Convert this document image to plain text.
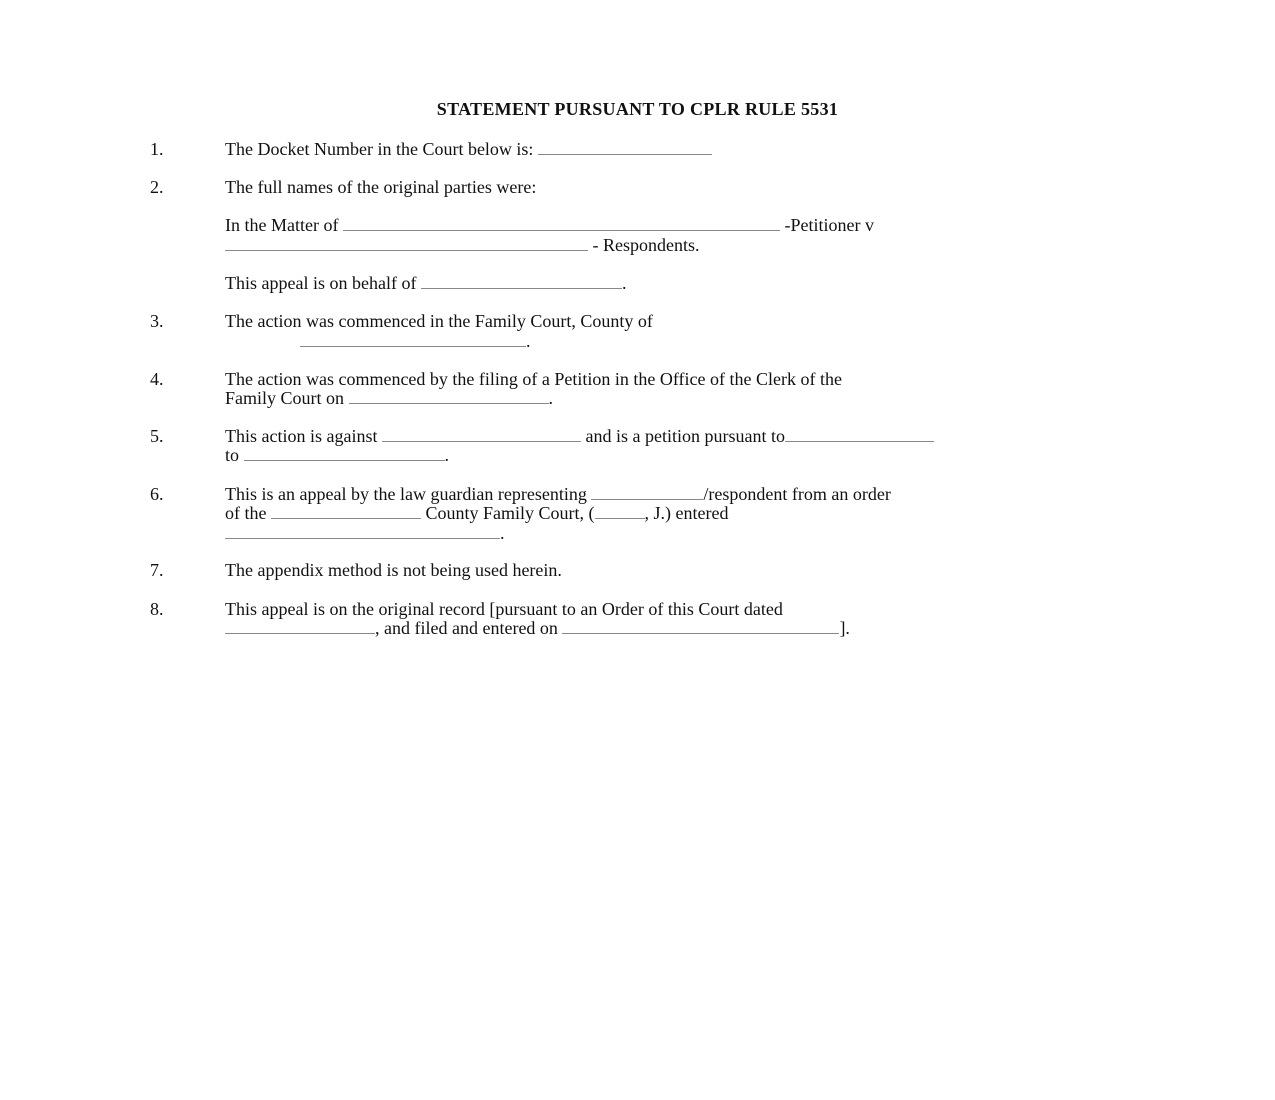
STATEMENT PURSUANT TO CPLR RULE 5531
1.	The Docket Number in the Court below is:
2.	The full names of the original parties were:
In the Matter of	-Petitioner v
- Respondents.
This appeal is on behalf of	.
3.	The action was commenced in the Family Court, County of
.
4.	The action was commenced by the filing of a Petition in the Office of the Clerk of the
Family Court on	.
5.	This action is against	and is a petition pursuant to
to	.
6.	This is an appeal by the law guardian representing	/respondent from an order
of the	County Family Court, (	, J.) entered
.
7.	The appendix method is not being used herein.
8.	This appeal is on the original record [pursuant to an Order of this Court dated
, and filed and entered on	].
